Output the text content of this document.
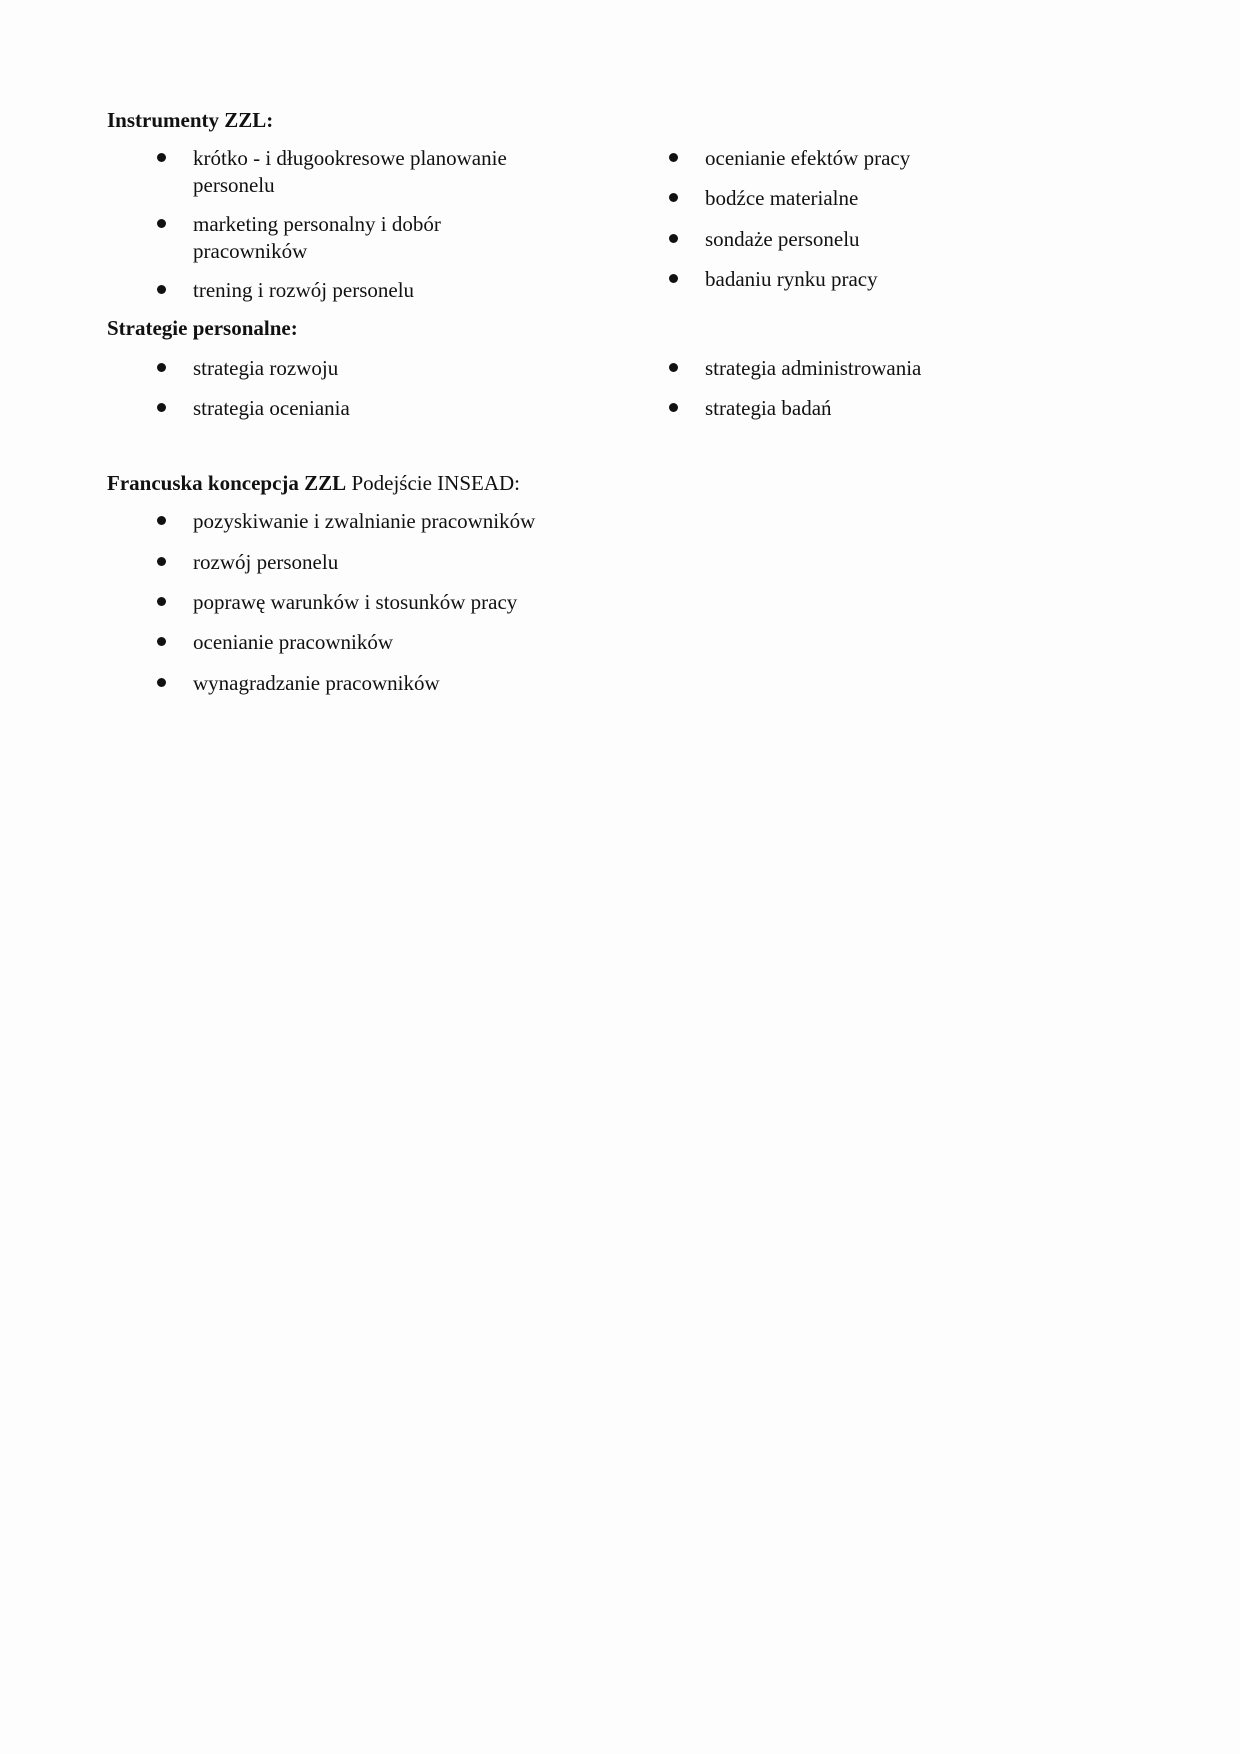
Instrumenty ZZL:
krótko - i długookresowe planowanie
personelu
marketing personalny i dobór
pracowników
trening i rozwój personelu
ocenianie efektów pracy
bodźce materialne
sondaże personelu
badaniu rynku pracy
Strategie personalne:
strategia rozwoju
strategia oceniania
strategia administrowania
strategia badań
Francuska koncepcja ZZL Podejście INSEAD:
pozyskiwanie i zwalnianie pracowników
rozwój personelu
poprawę warunków i stosunków pracy
ocenianie pracowników
wynagradzanie pracowników
